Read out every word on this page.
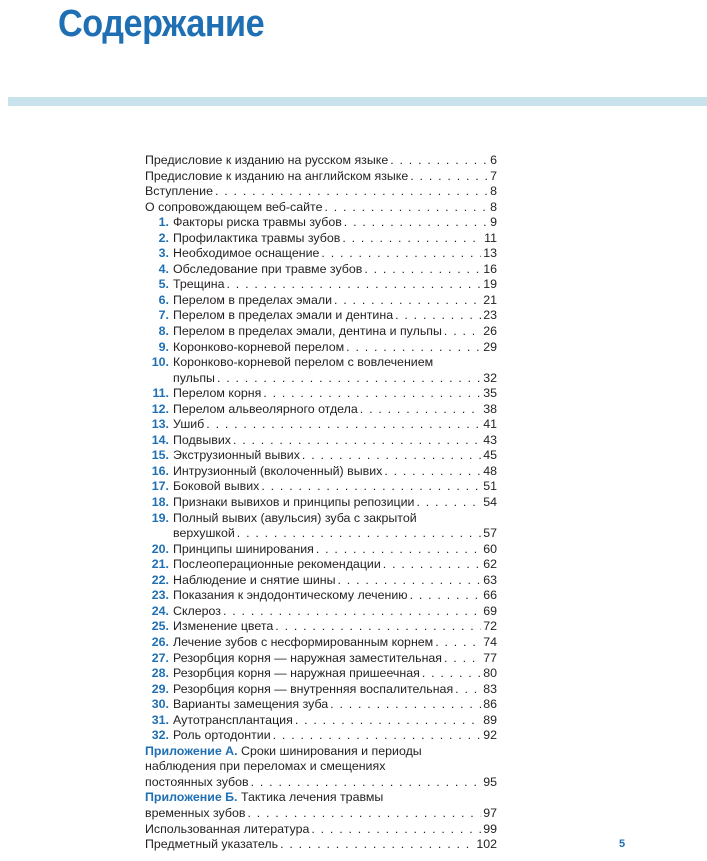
Содержание
Предисловие к изданию на русском языке . . .	6
Предисловие к изданию на английском языке . . .	7
Вступление . . .	8
О сопровождающем веб-сайте . . .	8
1. Факторы риска травмы зубов . . .	9
2. Профилактика травмы зубов . . .	11
3. Необходимое оснащение . . .	13
4. Обследование при травме зубов . . .	16
5. Трещина . . .	19
6. Перелом в пределах эмали . . .	21
7. Перелом в пределах эмали и дентина . . .	23
8. Перелом в пределах эмали, дентина и пульпы . . .	26
9. Коронково-корневой перелом . . .	29
10. Коронково-корневой перелом с вовлечением
пульпы . . .	32
11. Перелом корня . . .	35
12. Перелом альвеолярного отдела . . .	38
13. Ушиб . . .	41
14. Подвывих . . .	43
15. Экструзионный вывих . . .	45
16. Интрузионный (вколоченный) вывих . . .	48
17. Боковой вывих . . .	51
18. Признаки вывихов и принципы репозиции . . .	54
19. Полный вывих (авульсия) зуба с закрытой
верхушкой . . .	57
20. Принципы шинирования . . .	60
21. Послеоперационные рекомендации . . .	62
22. Наблюдение и снятие шины . . .	63
23. Показания к эндодонтическому лечению . . .	66
24. Склероз . . .	69
25. Изменение цвета . . .	72
26. Лечение зубов с несформированным корнем . . .	74
27. Резорбция корня — наружная заместительная . . .	77
28. Резорбция корня — наружная пришеечная . . .	80
29. Резорбция корня — внутренняя воспалительная . . . 83
30. Варианты замещения зуба . . .	86
31. Аутотрансплантация . . .	89
32. Роль ортодонтии . . .	92
Приложение А. Сроки шинирования и периоды
наблюдения при переломах и смещениях
постоянных зубов . . .	95
Приложение Б. Тактика лечения травмы
временных зубов . . .	97
Использованная литература . . .	99
Предметный указатель . . .	102	5
